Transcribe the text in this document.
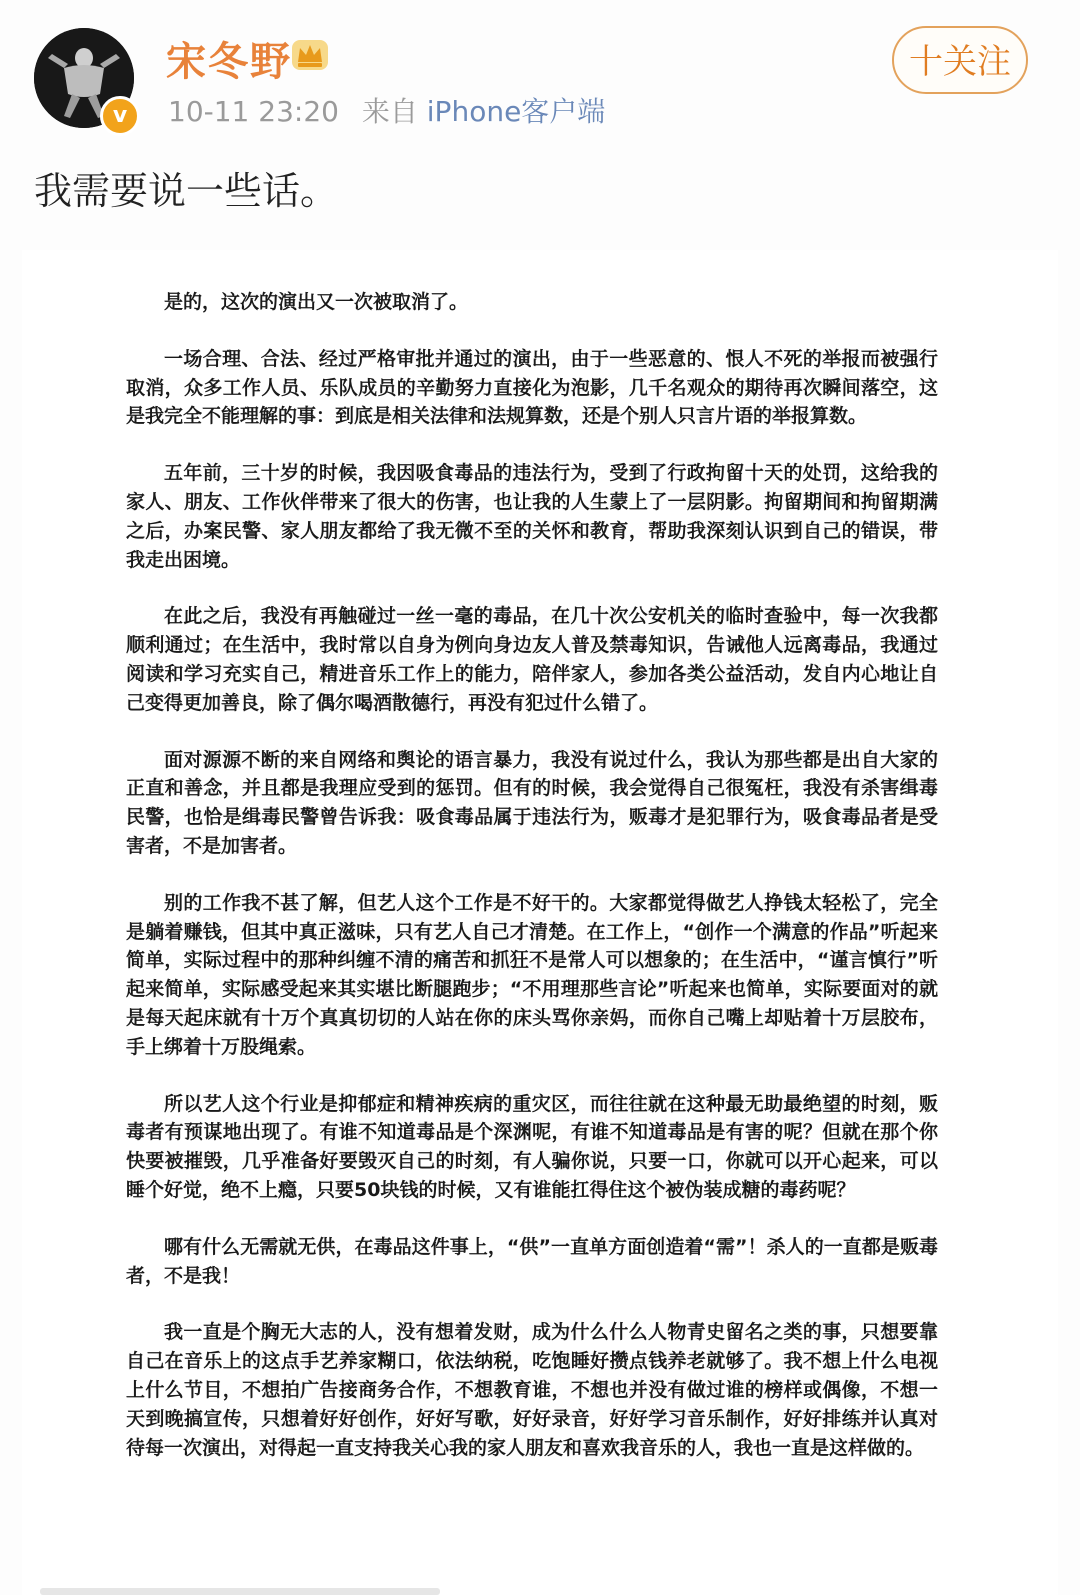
v
宋冬野
10-11 23:20 来自 iPhone客户端
十关注
我需要说一些话。

是的，这次的演出又一次被取消了。

一场合理、合法、经过严格审批并通过的演出，由于一些恶意的、恨人不死的举报而被强行取消，众多工作人员、乐队成员的辛勤努力直接化为泡影，几千名观众的期待再次瞬间落空，这是我完全不能理解的事：到底是相关法律和法规算数，还是个别人只言片语的举报算数。

五年前，三十岁的时候，我因吸食毒品的违法行为，受到了行政拘留十天的处罚，这给我的家人、朋友、工作伙伴带来了很大的伤害，也让我的人生蒙上了一层阴影。拘留期间和拘留期满之后，办案民警、家人朋友都给了我无微不至的关怀和教育，帮助我深刻认识到自己的错误，带我走出困境。

在此之后，我没有再触碰过一丝一毫的毒品，在几十次公安机关的临时查验中，每一次我都顺利通过；在生活中，我时常以自身为例向身边友人普及禁毒知识，告诫他人远离毒品，我通过阅读和学习充实自己，精进音乐工作上的能力，陪伴家人，参加各类公益活动，发自内心地让自己变得更加善良，除了偶尔喝酒散德行，再没有犯过什么错了。

面对源源不断的来自网络和舆论的语言暴力，我没有说过什么，我认为那些都是出自大家的正直和善念，并且都是我理应受到的惩罚。但有的时候，我会觉得自己很冤枉，我没有杀害缉毒民警，也恰是缉毒民警曾告诉我：吸食毒品属于违法行为，贩毒才是犯罪行为，吸食毒品者是受害者，不是加害者。

别的工作我不甚了解，但艺人这个工作是不好干的。大家都觉得做艺人挣钱太轻松了，完全是躺着赚钱，但其中真正滋味，只有艺人自己才清楚。在工作上，“创作一个满意的作品”听起来简单，实际过程中的那种纠缠不清的痛苦和抓狂不是常人可以想象的；在生活中，“谨言慎行”听起来简单，实际感受起来其实堪比断腿跑步；“不用理那些言论”听起来也简单，实际要面对的就是每天起床就有十万个真真切切的人站在你的床头骂你亲妈，而你自己嘴上却贴着十万层胶布，手上绑着十万股绳索。

所以艺人这个行业是抑郁症和精神疾病的重灾区，而往往就在这种最无助最绝望的时刻，贩毒者有预谋地出现了。有谁不知道毒品是个深渊呢，有谁不知道毒品是有害的呢？但就在那个你快要被摧毁，几乎准备好要毁灭自己的时刻，有人骗你说，只要一口，你就可以开心起来，可以睡个好觉，绝不上瘾，只要50块钱的时候，又有谁能扛得住这个被伪装成糖的毒药呢？

哪有什么无需就无供，在毒品这件事上，“供”一直单方面创造着“需”！杀人的一直都是贩毒者，不是我！

我一直是个胸无大志的人，没有想着发财，成为什么什么人物青史留名之类的事，只想要靠自己在音乐上的这点手艺养家糊口，依法纳税，吃饱睡好攒点钱养老就够了。我不想上什么电视上什么节目，不想拍广告接商务合作，不想教育谁，不想也并没有做过谁的榜样或偶像，不想一天到晚搞宣传，只想着好好创作，好好写歌，好好录音，好好学习音乐制作，好好排练并认真对待每一次演出，对得起一直支持我关心我的家人朋友和喜欢我音乐的人，我也一直是这样做的。
